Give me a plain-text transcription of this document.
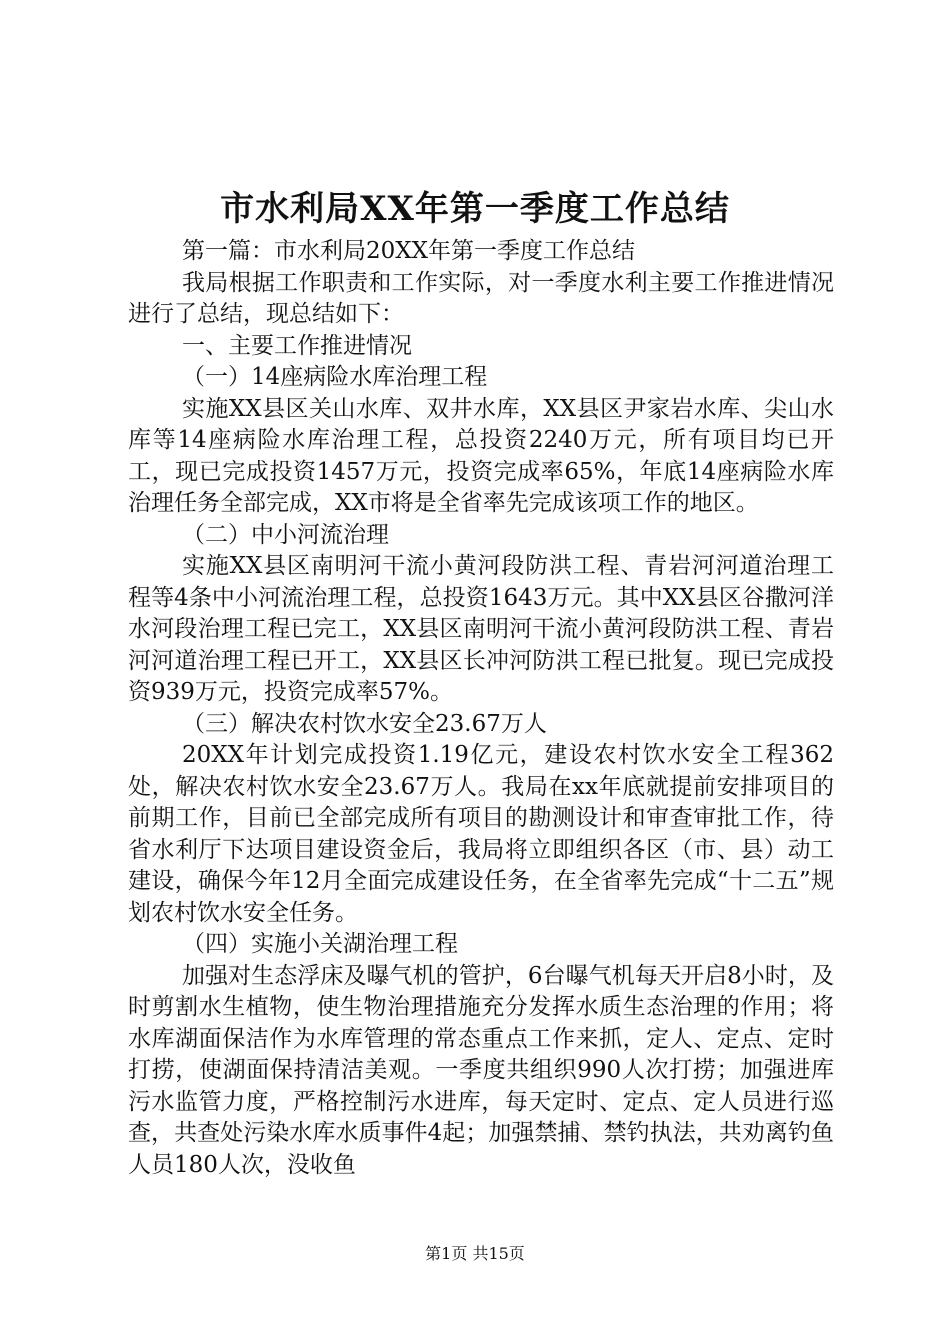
市水利局XX年第一季度工作总结

第一篇：市水利局20XX年第一季度工作总结

我局根据工作职责和工作实际，对一季度水利主要工作推进情况进行了总结，现总结如下：

一、主要工作推进情况

（一）14座病险水库治理工程

实施XX县区关山水库、双井水库，XX县区尹家岩水库、尖山水库等14座病险水库治理工程，总投资2240万元，所有项目均已开工，现已完成投资1457万元，投资完成率65%，年底14座病险水库治理任务全部完成，XX市将是全省率先完成该项工作的地区。

（二）中小河流治理

实施XX县区南明河干流小黄河段防洪工程、青岩河河道治理工程等4条中小河流治理工程，总投资1643万元。其中XX县区谷撒河洋水河段治理工程已完工，XX县区南明河干流小黄河段防洪工程、青岩河河道治理工程已开工，XX县区长冲河防洪工程已批复。现已完成投资939万元，投资完成率57%。

（三）解决农村饮水安全23.67万人

20XX年计划完成投资1.19亿元，建设农村饮水安全工程362处，解决农村饮水安全23.67万人。我局在xx年底就提前安排项目的前期工作，目前已全部完成所有项目的勘测设计和审查审批工作，待省水利厅下达项目建设资金后，我局将立即组织各区（市、县）动工建设，确保今年12月全面完成建设任务，在全省率先完成“十二五”规划农村饮水安全任务。

（四）实施小关湖治理工程

加强对生态浮床及曝气机的管护，6台曝气机每天开启8小时，及时剪割水生植物，使生物治理措施充分发挥水质生态治理的作用；将水库湖面保洁作为水库管理的常态重点工作来抓，定人、定点、定时打捞，使湖面保持清洁美观。一季度共组织990人次打捞；加强进库污水监管力度，严格控制污水进库，每天定时、定点、定人员进行巡查，共查处污染水库水质事件4起；加强禁捕、禁钓执法，共劝离钓鱼人员180人次，没收鱼

第1页 共15页
